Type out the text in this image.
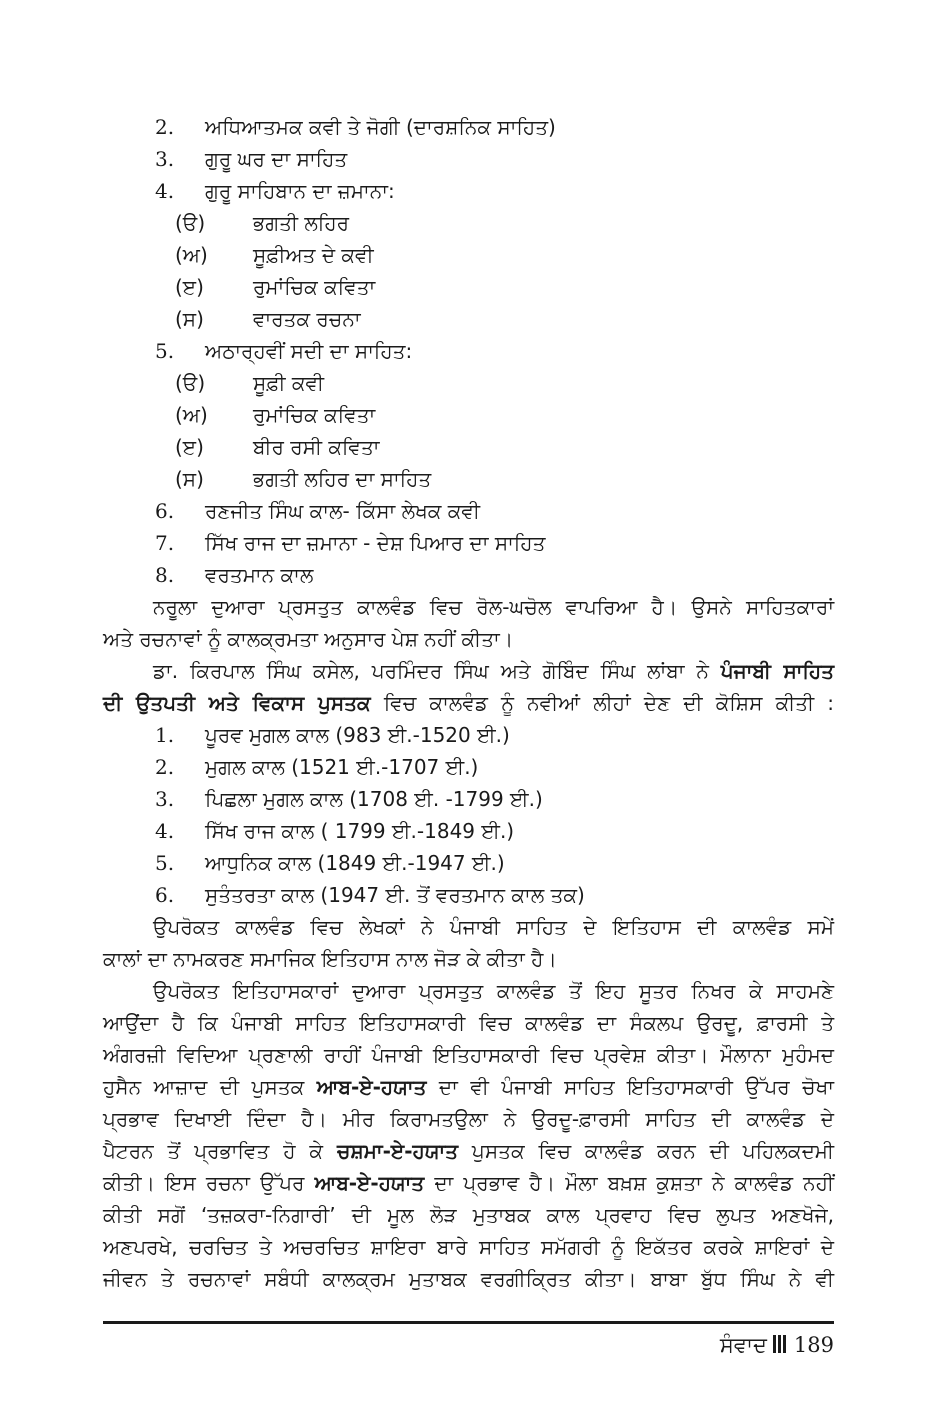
2. ਅਧਿਆਤਮਕ ਕਵੀ ਤੇ ਜੋਗੀ (ਦਾਰਸ਼ਨਿਕ ਸਾਹਿਤ)
3. ਗੁਰੂ ਘਰ ਦਾ ਸਾਹਿਤ
4. ਗੁਰੂ ਸਾਹਿਬਾਨ ਦਾ ਜ਼ਮਾਨਾ:
(ੳ) ਭਗਤੀ ਲਹਿਰ
(ਅ) ਸੂਫ਼ੀਅਤ ਦੇ ਕਵੀ
(ੲ) ਰੁਮਾਂਚਿਕ ਕਵਿਤਾ
(ਸ) ਵਾਰਤਕ ਰਚਨਾ
5. ਅਠਾਰ੍ਹਵੀਂ ਸਦੀ ਦਾ ਸਾਹਿਤ:
(ੳ) ਸੂਫ਼ੀ ਕਵੀ
(ਅ) ਰੁਮਾਂਚਿਕ ਕਵਿਤਾ
(ੲ) ਬੀਰ ਰਸੀ ਕਵਿਤਾ
(ਸ) ਭਗਤੀ ਲਹਿਰ ਦਾ ਸਾਹਿਤ
6. ਰਣਜੀਤ ਸਿੰਘ ਕਾਲ- ਕਿੱਸਾ ਲੇਖਕ ਕਵੀ
7. ਸਿੱਖ ਰਾਜ ਦਾ ਜ਼ਮਾਨਾ - ਦੇਸ਼ ਪਿਆਰ ਦਾ ਸਾਹਿਤ
8. ਵਰਤਮਾਨ ਕਾਲ
ਨਰੂਲਾ ਦੁਆਰਾ ਪ੍ਰਸਤੁਤ ਕਾਲਵੰਡ ਵਿਚ ਰੋਲ-ਘਚੋਲ ਵਾਪਰਿਆ ਹੈ। ਉਸਨੇ ਸਾਹਿਤਕਾਰਾਂ
ਅਤੇ ਰਚਨਾਵਾਂ ਨੂੰ ਕਾਲਕ੍ਰਮਤਾ ਅਨੁਸਾਰ ਪੇਸ਼ ਨਹੀਂ ਕੀਤਾ।
ਡਾ. ਕਿਰਪਾਲ ਸਿੰਘ ਕਸੇਲ, ਪਰਮਿੰਦਰ ਸਿੰਘ ਅਤੇ ਗੋਬਿੰਦ ਸਿੰਘ ਲਾਂਬਾ ਨੇ ਪੰਜਾਬੀ ਸਾਹਿਤ
ਦੀ ਉਤਪਤੀ ਅਤੇ ਵਿਕਾਸ ਪੁਸਤਕ ਵਿਚ ਕਾਲਵੰਡ ਨੂੰ ਨਵੀਆਂ ਲੀਹਾਂ ਦੇਣ ਦੀ ਕੋਸ਼ਿਸ ਕੀਤੀ :
1. ਪੂਰਵ ਮੁਗਲ ਕਾਲ (983 ਈ.-1520 ਈ.)
2. ਮੁਗਲ ਕਾਲ (1521 ਈ.-1707 ਈ.)
3. ਪਿਛਲਾ ਮੁਗਲ ਕਾਲ (1708 ਈ. -1799 ਈ.)
4. ਸਿੱਖ ਰਾਜ ਕਾਲ ( 1799 ਈ.-1849 ਈ.)
5. ਆਧੁਨਿਕ ਕਾਲ (1849 ਈ.-1947 ਈ.)
6. ਸੁਤੰਤਰਤਾ ਕਾਲ (1947 ਈ. ਤੋਂ ਵਰਤਮਾਨ ਕਾਲ ਤਕ)
ਉਪਰੋਕਤ ਕਾਲਵੰਡ ਵਿਚ ਲੇਖਕਾਂ ਨੇ ਪੰਜਾਬੀ ਸਾਹਿਤ ਦੇ ਇਤਿਹਾਸ ਦੀ ਕਾਲਵੰਡ ਸਮੇਂ
ਕਾਲਾਂ ਦਾ ਨਾਮਕਰਣ ਸਮਾਜਿਕ ਇਤਿਹਾਸ ਨਾਲ ਜੋੜ ਕੇ ਕੀਤਾ ਹੈ।
ਉਪਰੋਕਤ ਇਤਿਹਾਸਕਾਰਾਂ ਦੁਆਰਾ ਪ੍ਰਸਤੁਤ ਕਾਲਵੰਡ ਤੋਂ ਇਹ ਸੂਤਰ ਨਿਖਰ ਕੇ ਸਾਹਮਣੇ
ਆਉਂਦਾ ਹੈ ਕਿ ਪੰਜਾਬੀ ਸਾਹਿਤ ਇਤਿਹਾਸਕਾਰੀ ਵਿਚ ਕਾਲਵੰਡ ਦਾ ਸੰਕਲਪ ਉਰਦੂ, ਫ਼ਾਰਸੀ ਤੇ
ਅੰਗਰਜ਼ੀ ਵਿਦਿਆ ਪ੍ਰਣਾਲੀ ਰਾਹੀਂ ਪੰਜਾਬੀ ਇਤਿਹਾਸਕਾਰੀ ਵਿਚ ਪ੍ਰਵੇਸ਼ ਕੀਤਾ। ਮੌਲਾਨਾ ਮੁਹੰਮਦ
ਹੁਸੈਨ ਆਜ਼ਾਦ ਦੀ ਪੁਸਤਕ ਆਬ-ਏ-ਹਯਾਤ ਦਾ ਵੀ ਪੰਜਾਬੀ ਸਾਹਿਤ ਇਤਿਹਾਸਕਾਰੀ ਉੱਪਰ ਚੋਖਾ
ਪ੍ਰਭਾਵ ਦਿਖਾਈ ਦਿੰਦਾ ਹੈ। ਮੀਰ ਕਿਰਾਮਤਉਲਾ ਨੇ ਉਰਦੂ-ਫ਼ਾਰਸੀ ਸਾਹਿਤ ਦੀ ਕਾਲਵੰਡ ਦੇ
ਪੈਟਰਨ ਤੋਂ ਪ੍ਰਭਾਵਿਤ ਹੋ ਕੇ ਚਸ਼ਮਾ-ਏ-ਹਯਾਤ ਪੁਸਤਕ ਵਿਚ ਕਾਲਵੰਡ ਕਰਨ ਦੀ ਪਹਿਲਕਦਮੀ
ਕੀਤੀ। ਇਸ ਰਚਨਾ ਉੱਪਰ ਆਬ-ਏ-ਹਯਾਤ ਦਾ ਪ੍ਰਭਾਵ ਹੈ। ਮੌਲਾ ਬਖ਼ਸ਼ ਕੁਸ਼ਤਾ ਨੇ ਕਾਲਵੰਡ ਨਹੀਂ
ਕੀਤੀ ਸਗੋਂ ‘ਤਜ਼ਕਰਾ-ਨਿਗਾਰੀ’ ਦੀ ਮੂਲ ਲੋੜ ਮੁਤਾਬਕ ਕਾਲ ਪ੍ਰਵਾਹ ਵਿਚ ਲੁਪਤ ਅਣਖੋਜੇ,
ਅਣਪਰਖੇ, ਚਰਚਿਤ ਤੇ ਅਚਰਚਿਤ ਸ਼ਾਇਰਾ ਬਾਰੇ ਸਾਹਿਤ ਸਮੱਗਰੀ ਨੂੰ ਇਕੱਤਰ ਕਰਕੇ ਸ਼ਾਇਰਾਂ ਦੇ
ਜੀਵਨ ਤੇ ਰਚਨਾਵਾਂ ਸਬੰਧੀ ਕਾਲਕ੍ਰਮ ਮੁਤਾਬਕ ਵਰਗੀਕ੍ਰਿਤ ਕੀਤਾ। ਬਾਬਾ ਬੁੱਧ ਸਿੰਘ ਨੇ ਵੀ
ਸੰਵਾਦ 189
